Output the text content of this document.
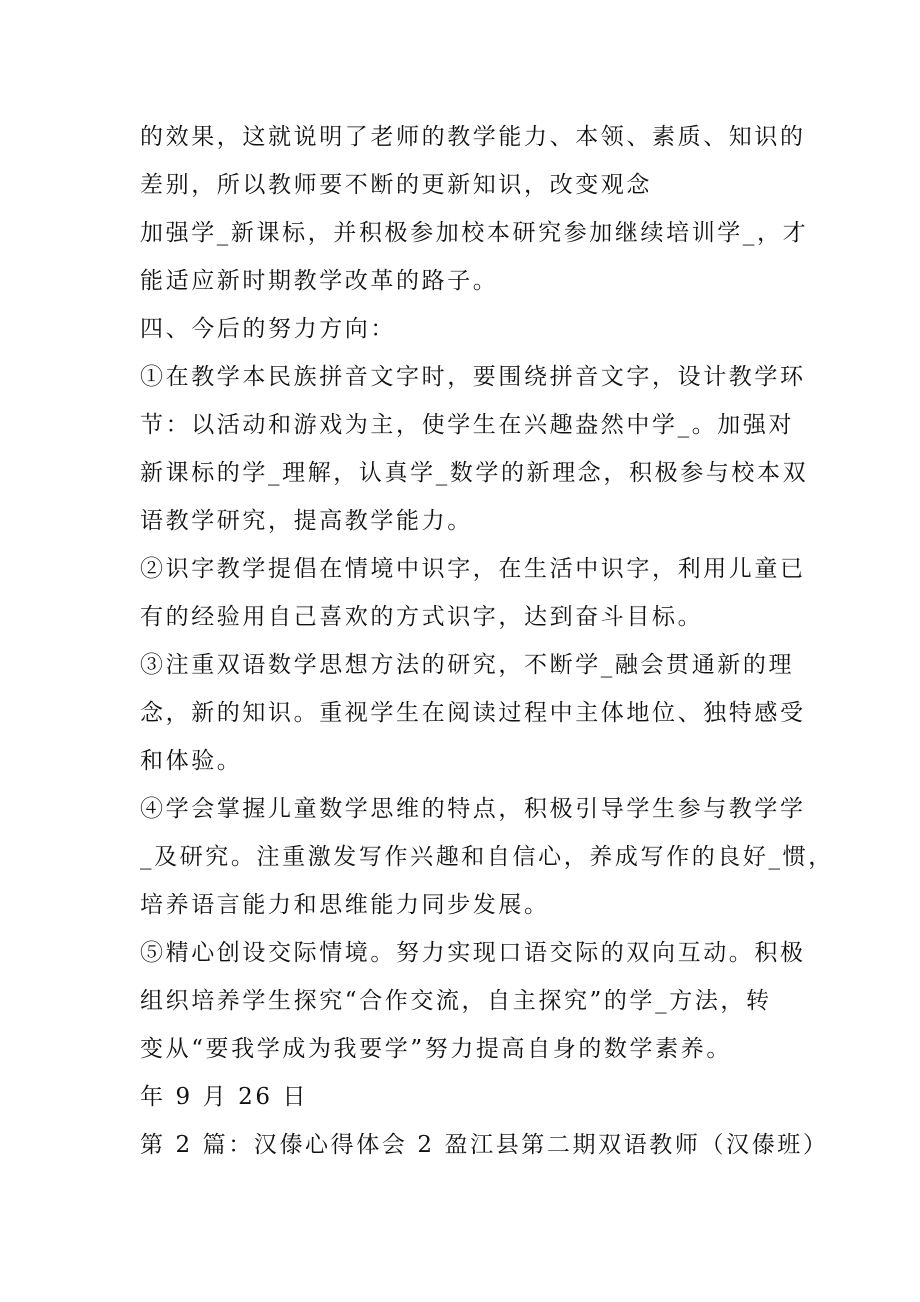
的效果，这就说明了老师的教学能力、本领、素质、知识的
差别，所以教师要不断的更新知识，改变观念
加强学_新课标，并积极参加校本研究参加继续培训学_，才
能适应新时期教学改革的路子。
四、今后的努力方向：
①在教学本民族拼音文字时，要围绕拼音文字，设计教学环
节：以活动和游戏为主，使学生在兴趣盎然中学_。加强对
新课标的学_理解，认真学_数学的新理念，积极参与校本双
语教学研究，提高教学能力。
②识字教学提倡在情境中识字，在生活中识字，利用儿童已
有的经验用自己喜欢的方式识字，达到奋斗目标。
③注重双语数学思想方法的研究，不断学_融会贯通新的理
念，新的知识。重视学生在阅读过程中主体地位、独特感受
和体验。
④学会掌握儿童数学思维的特点，积极引导学生参与教学学
_及研究。注重激发写作兴趣和自信心，养成写作的良好_惯，
培养语言能力和思维能力同步发展。
⑤精心创设交际情境。努力实现口语交际的双向互动。积极
组织培养学生探究“合作交流，自主探究”的学_方法，转
变从“要我学成为我要学”努力提高自身的数学素养。
年 9 月 26 日
第 2 篇：汉傣心得体会 2 盈江县第二期双语教师（汉傣班）
